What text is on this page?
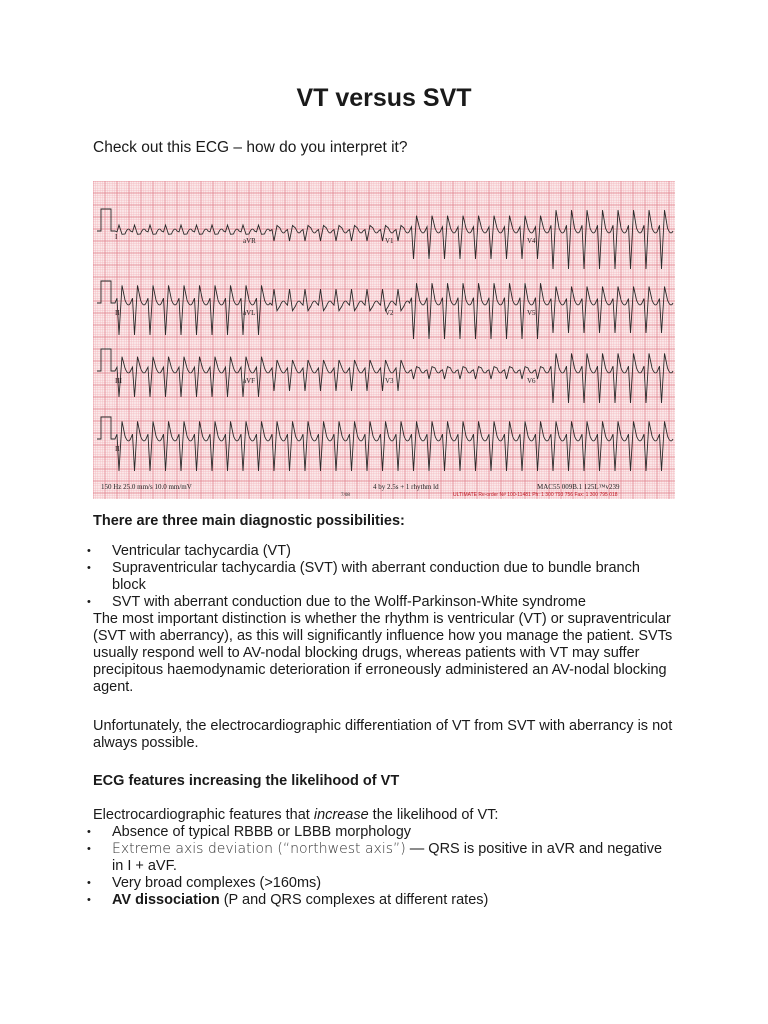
VT versus SVT
Check out this ECG – how do you interpret it?
I	aVR	V1	V4
II	aVL	V2	V5
III	aVF	V3	V6
II
150 Hz 25.0 mm/s 10.0 mm/mV	4 by 2.5s + 1 rhythm ld	MAC55 009B.1 125L™v239
ULTIMATE Re-order N# 100-11481 Ph: 1 300 793 756 Fax: 1 300 795 018
7/08
There are three main diagnostic possibilities:
• Ventricular tachycardia (VT)
• Supraventricular tachycardia (SVT) with aberrant conduction due to bundle branch block
• SVT with aberrant conduction due to the Wolff-Parkinson-White syndrome
The most important distinction is whether the rhythm is ventricular (VT) or supraventricular (SVT with aberrancy), as this will significantly influence how you manage the patient. SVTs usually respond well to AV-nodal blocking drugs, whereas patients with VT may suffer precipitous haemodynamic deterioration if erroneously administered an AV-nodal blocking agent.
Unfortunately, the electrocardiographic differentiation of VT from SVT with aberrancy is not always possible.
ECG features increasing the likelihood of VT
Electrocardiographic features that increase the likelihood of VT:
• Absence of typical RBBB or LBBB morphology
• Extreme axis deviation (“northwest axis”) — QRS is positive in aVR and negative in I + aVF.
• Very broad complexes (>160ms)
• AV dissociation (P and QRS complexes at different rates)
